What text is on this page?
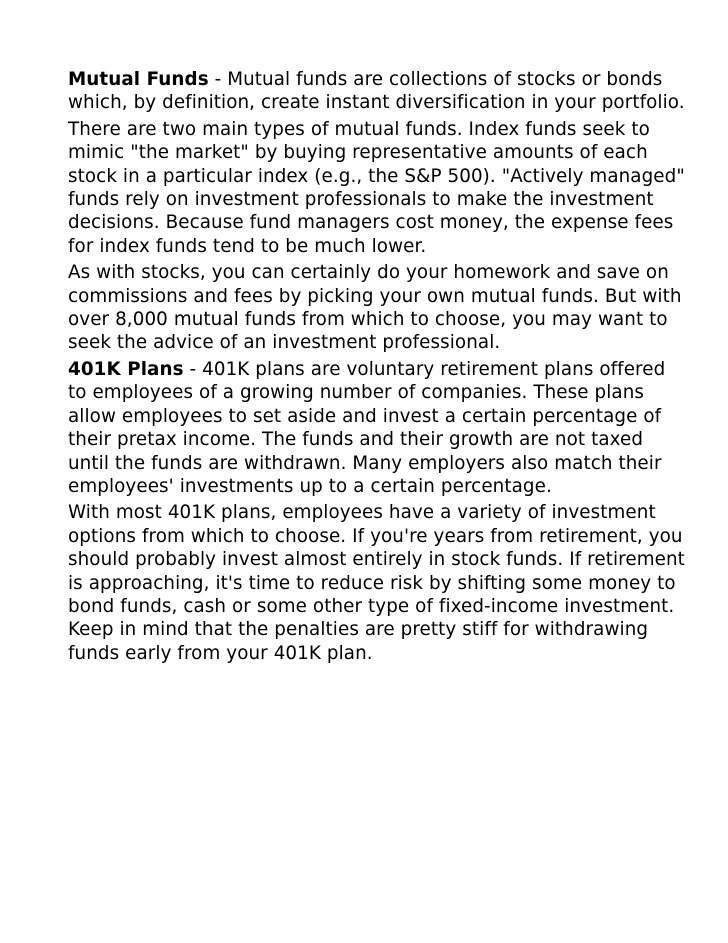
Mutual Funds - Mutual funds are collections of stocks or bonds which, by definition, create instant diversification in your portfolio.

There are two main types of mutual funds. Index funds seek to mimic "the market" by buying representative amounts of each stock in a particular index (e.g., the S&P 500). "Actively managed" funds rely on investment professionals to make the investment decisions. Because fund managers cost money, the expense fees for index funds tend to be much lower.

As with stocks, you can certainly do your homework and save on commissions and fees by picking your own mutual funds. But with over 8,000 mutual funds from which to choose, you may want to seek the advice of an investment professional.

401K Plans - 401K plans are voluntary retirement plans offered to employees of a growing number of companies. These plans allow employees to set aside and invest a certain percentage of their pretax income. The funds and their growth are not taxed until the funds are withdrawn. Many employers also match their employees' investments up to a certain percentage.

With most 401K plans, employees have a variety of investment options from which to choose. If you're years from retirement, you should probably invest almost entirely in stock funds. If retirement is approaching, it's time to reduce risk by shifting some money to bond funds, cash or some other type of fixed-income investment. Keep in mind that the penalties are pretty stiff for withdrawing funds early from your 401K plan.
